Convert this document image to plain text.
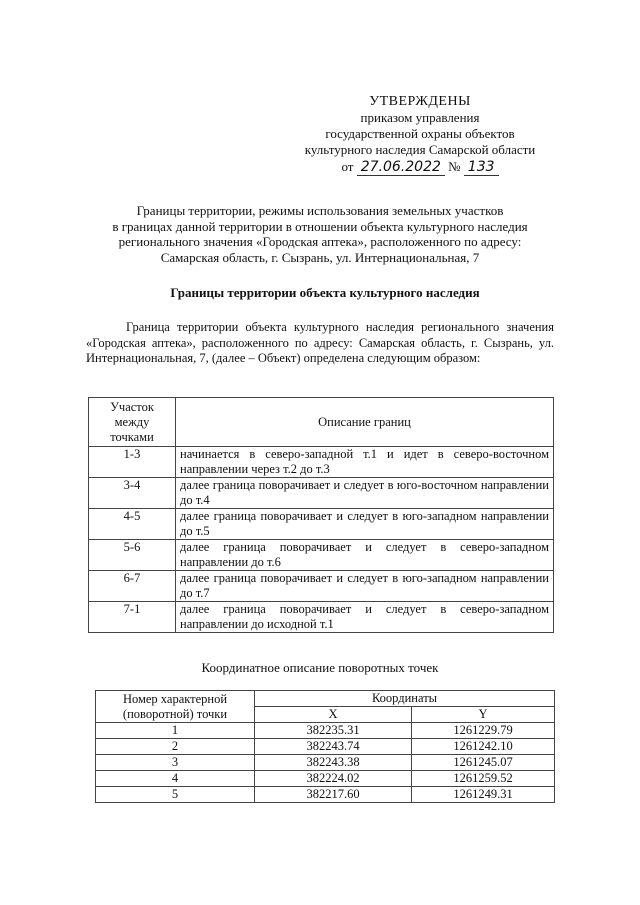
УТВЕРЖДЕНЫ
приказом управления
государственной охраны объектов
культурного наследия Самарской области
от 27.06.2022 № 133
Границы территории, режимы использования земельных участков
в границах данной территории в отношении объекта культурного наследия
регионального значения «Городская аптека», расположенного по адресу:
Самарская область, г. Сызрань, ул. Интернациональная, 7
Границы территории объекта культурного наследия
Граница территории объекта культурного наследия регионального значения «Городская аптека», расположенного по адресу: Самарская область, г. Сызрань, ул. Интернациональная, 7, (далее – Объект) определена следующим образом:
Участок между точками	Описание границ
1-3	начинается в северо-западной т.1 и идет в северо-восточном направлении через т.2 до т.3
3-4	далее граница поворачивает и следует в юго-восточном направлении до т.4
4-5	далее граница поворачивает и следует в юго-западном направлении до т.5
5-6	далее граница поворачивает и следует в северо-западном направлении до т.6
6-7	далее граница поворачивает и следует в юго-западном направлении до т.7
7-1	далее граница поворачивает и следует в северо-западном направлении до исходной т.1
Координатное описание поворотных точек
Номер характерной (поворотной) точки	Координаты	
	X	Y
1	382235.31	1261229.79
2	382243.74	1261242.10
3	382243.38	1261245.07
4	382224.02	1261259.52
5	382217.60	1261249.31
